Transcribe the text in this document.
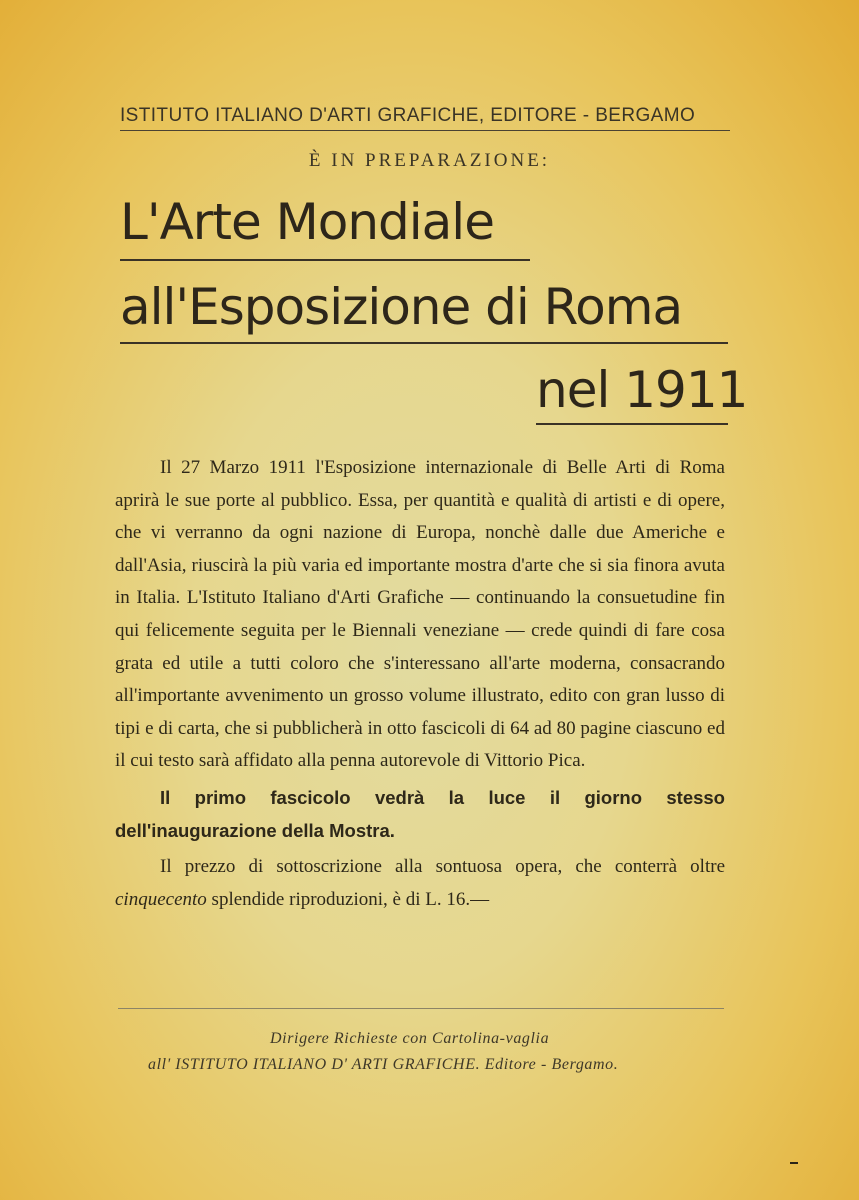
ISTITUTO ITALIANO D'ARTI GRAFICHE, EDITORE - BERGAMO
È IN PREPARAZIONE:
L'Arte Mondiale
all'Esposizione di Roma
nel 1911

Il 27 Marzo 1911 l'Esposizione internazionale di Belle Arti di Roma aprirà le sue porte al pubblico. Essa, per quantità e qualità di artisti e di opere, che vi verranno da ogni nazione di Europa, nonchè dalle due Americhe e dall'Asia, riuscirà la più varia ed importante mostra d'arte che si sia finora avuta in Italia. L'Istituto Italiano d'Arti Grafiche — continuando la consuetudine fin qui felicemente seguita per le Biennali veneziane — crede quindi di fare cosa grata ed utile a tutti coloro che s'interessano all'arte moderna, consacrando all'importante avvenimento un grosso volume illustrato, edito con gran lusso di tipi e di carta, che si pubblicherà in otto fascicoli di 64 ad 80 pagine ciascuno ed il cui testo sarà affidato alla penna autorevole di Vittorio Pica.

Il primo fascicolo vedrà la luce il giorno stesso dell'inaugurazione della Mostra.

Il prezzo di sottoscrizione alla sontuosa opera, che conterrà oltre cinquecento splendide riproduzioni, è di L. 16.—

Dirigere Richieste con Cartolina-vaglia
all' ISTITUTO ITALIANO D' ARTI GRAFICHE. Editore - Bergamo.
